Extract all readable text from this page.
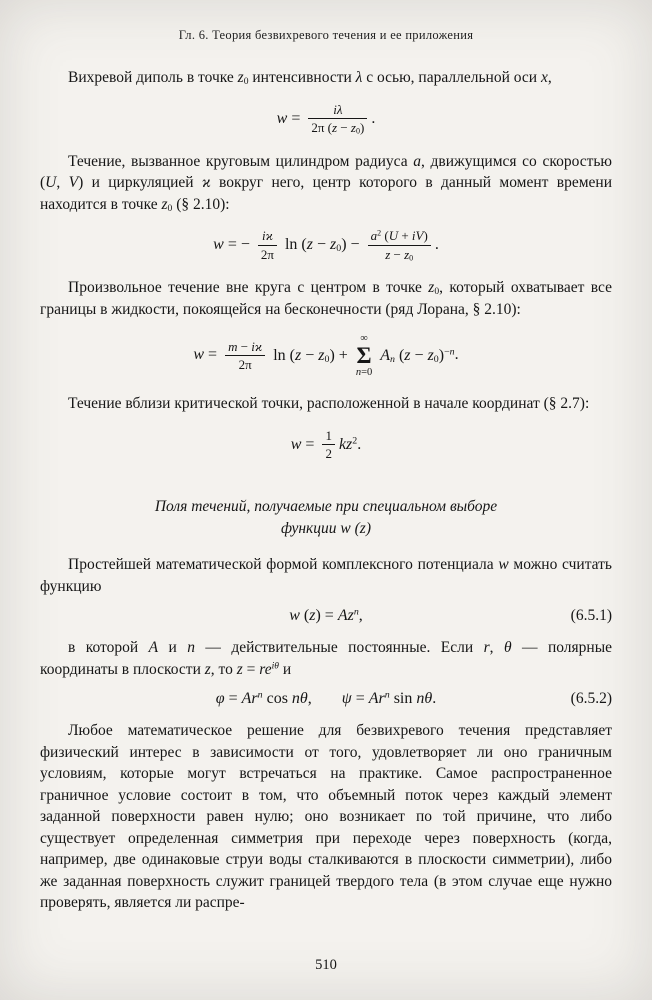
Гл. 6. Теория безвихревого течения и ее приложения

Вихревой диполь в точке $z_0$ интенсивности λ с осью, параллельной оси x,

$w = \frac{i\lambda}{2\pi (z - z_0)}$ .

Течение, вызванное круговым цилиндром радиуса a, движущимся со скоростью (U, V) и циркуляцией ϰ вокруг него, центр которого в данный момент времени находится в точке $z_0$ (§ 2.10):

w = − $\frac{iϰ}{2\pi}$ $\ln (z - z_0) - \frac{a^2 (U + iV)}{z - z_0}$ .

Произвольное течение вне круга с центром в точке $z_0$, который охватывает все границы в жидкости, покоящейся на бесконечности (ряд Лорана, § 2.10):

$w = \frac{m - iϰ}{2\pi}$ $\ln (z - z_0)$ +
∞
Σ
n=0
$A_n$ $(z - z_0)^{-n}$.

Течение вблизи критической точки, расположенной в начале координат (§ 2.7):

$w = \frac{1}{2} kz^2$.
Поля течений, получаемые при специальном выборе
функции w (z)

Простейшей математической формой комплексного потенциала w можно считать функцию

w $(z) = Az^n$,	(6.5.1)

в которой A и n — действительные постоянные. Если r, θ — полярные координаты в плоскости z, то $z = re^{i\theta}$ и

$\varphi = Ar^n$ cos nθ, $\psi = Ar^n$ sin nθ.	(6.5.2)

Любое математическое решение для безвихревого течения представляет физический интерес в зависимости от того, удовлетворяет ли оно граничным условиям, которые могут встречаться на практике. Самое распространенное граничное условие состоит в том, что объемный поток через каждый элемент заданной поверхности равен нулю; оно возникает по той причине, что либо существует определенная симметрия при переходе через поверхность (когда, например, две одинаковые струи воды сталкиваются в плоскости симметрии), либо же заданная поверхность служит границей твердого тела (в этом случае еще нужно проверять, является ли распре-

510
